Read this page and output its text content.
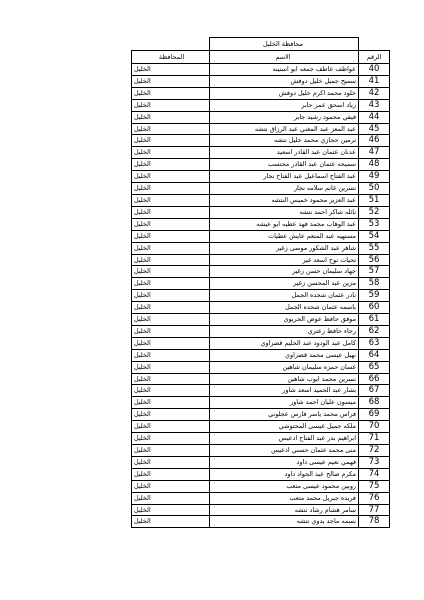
	محافظة الخليل	
المحافظة	الاسم	الرقم
الخليل	عواطف عاطف جمعه ابو اسنينه	40
الخليل	سميح جميل خليل دوفش	41
الخليل	خلود محمد اكرم خليل دوفش	42
الخليل	زياد اسحق عمر جابر	43
الخليل	فيفي محمود رشيد جابر	44
الخليل	عبد المعز عبد المغني عبد الرزاق نتشه	45
الخليل	نرمين حجازي محمد خليل نتشه	46
الخليل	عدنان عثمان عبد القادر اسعيد	47
الخليل	سميحه عثمان عبد القادر محتسب	48
الخليل	عبد الفتاح اسماعيل عبد الفتاح نجار	49
الخليل	نسرين غانم سلامه نجار	50
الخليل	عبد العزيز محمود خميس النتشه	51
الخليل	نائله شاكر احمد نتشه	52
الخليل	عبد الوهاب محمد فهد عطيه ابو عيشه	53
الخليل	مستهيه عبد المنعم عايش عطيات	54
الخليل	شاهر عبد الشكور موسى زغير	55
الخليل	تحيات نوح اسعد غير	56
الخليل	جهاد سليمان حسن زغير	57
الخليل	مزين عبد المحسن زغير	58
الخليل	نادر عثمان شحده الجمل	59
الخليل	باسمه عثمان شحده الجمل	60
الخليل	موفق حافظ عوض الجريوي	61
الخليل	رجاء حافظ زعتري	62
الخليل	كامل عبد الودود عبد الحليم قصراوي	63
الخليل	نهيل عيسى محمد قصراوي	64
الخليل	غسان حمزه سليمان شاهين	65
الخليل	نسرين محمد ايوب شاهين	66
الخليل	بشار عبد الحميد اسعد شاور	67
الخليل	ميسون عليان احمد شاور	68
الخليل	فراس محمد ياسر فارس عجلوني	69
الخليل	ملكه جميل عيسى المحتوشي	70
الخليل	ابراهيم بدر عبد الفتاح ادعيس	71
الخليل	منى محمد عثمان حسني ادعيس	72
الخليل	فهمي نعيم عيسى داود	73
الخليل	مكرم صالح عبد الجواد داود	74
الخليل	روبين محمود عيسى متعب	75
الخليل	فريده جبريل محمد متعب	76
الخليل	سامر هشام رشاد نتشه	77
الخليل	بسمه ماجد بدوي نتشه	78
